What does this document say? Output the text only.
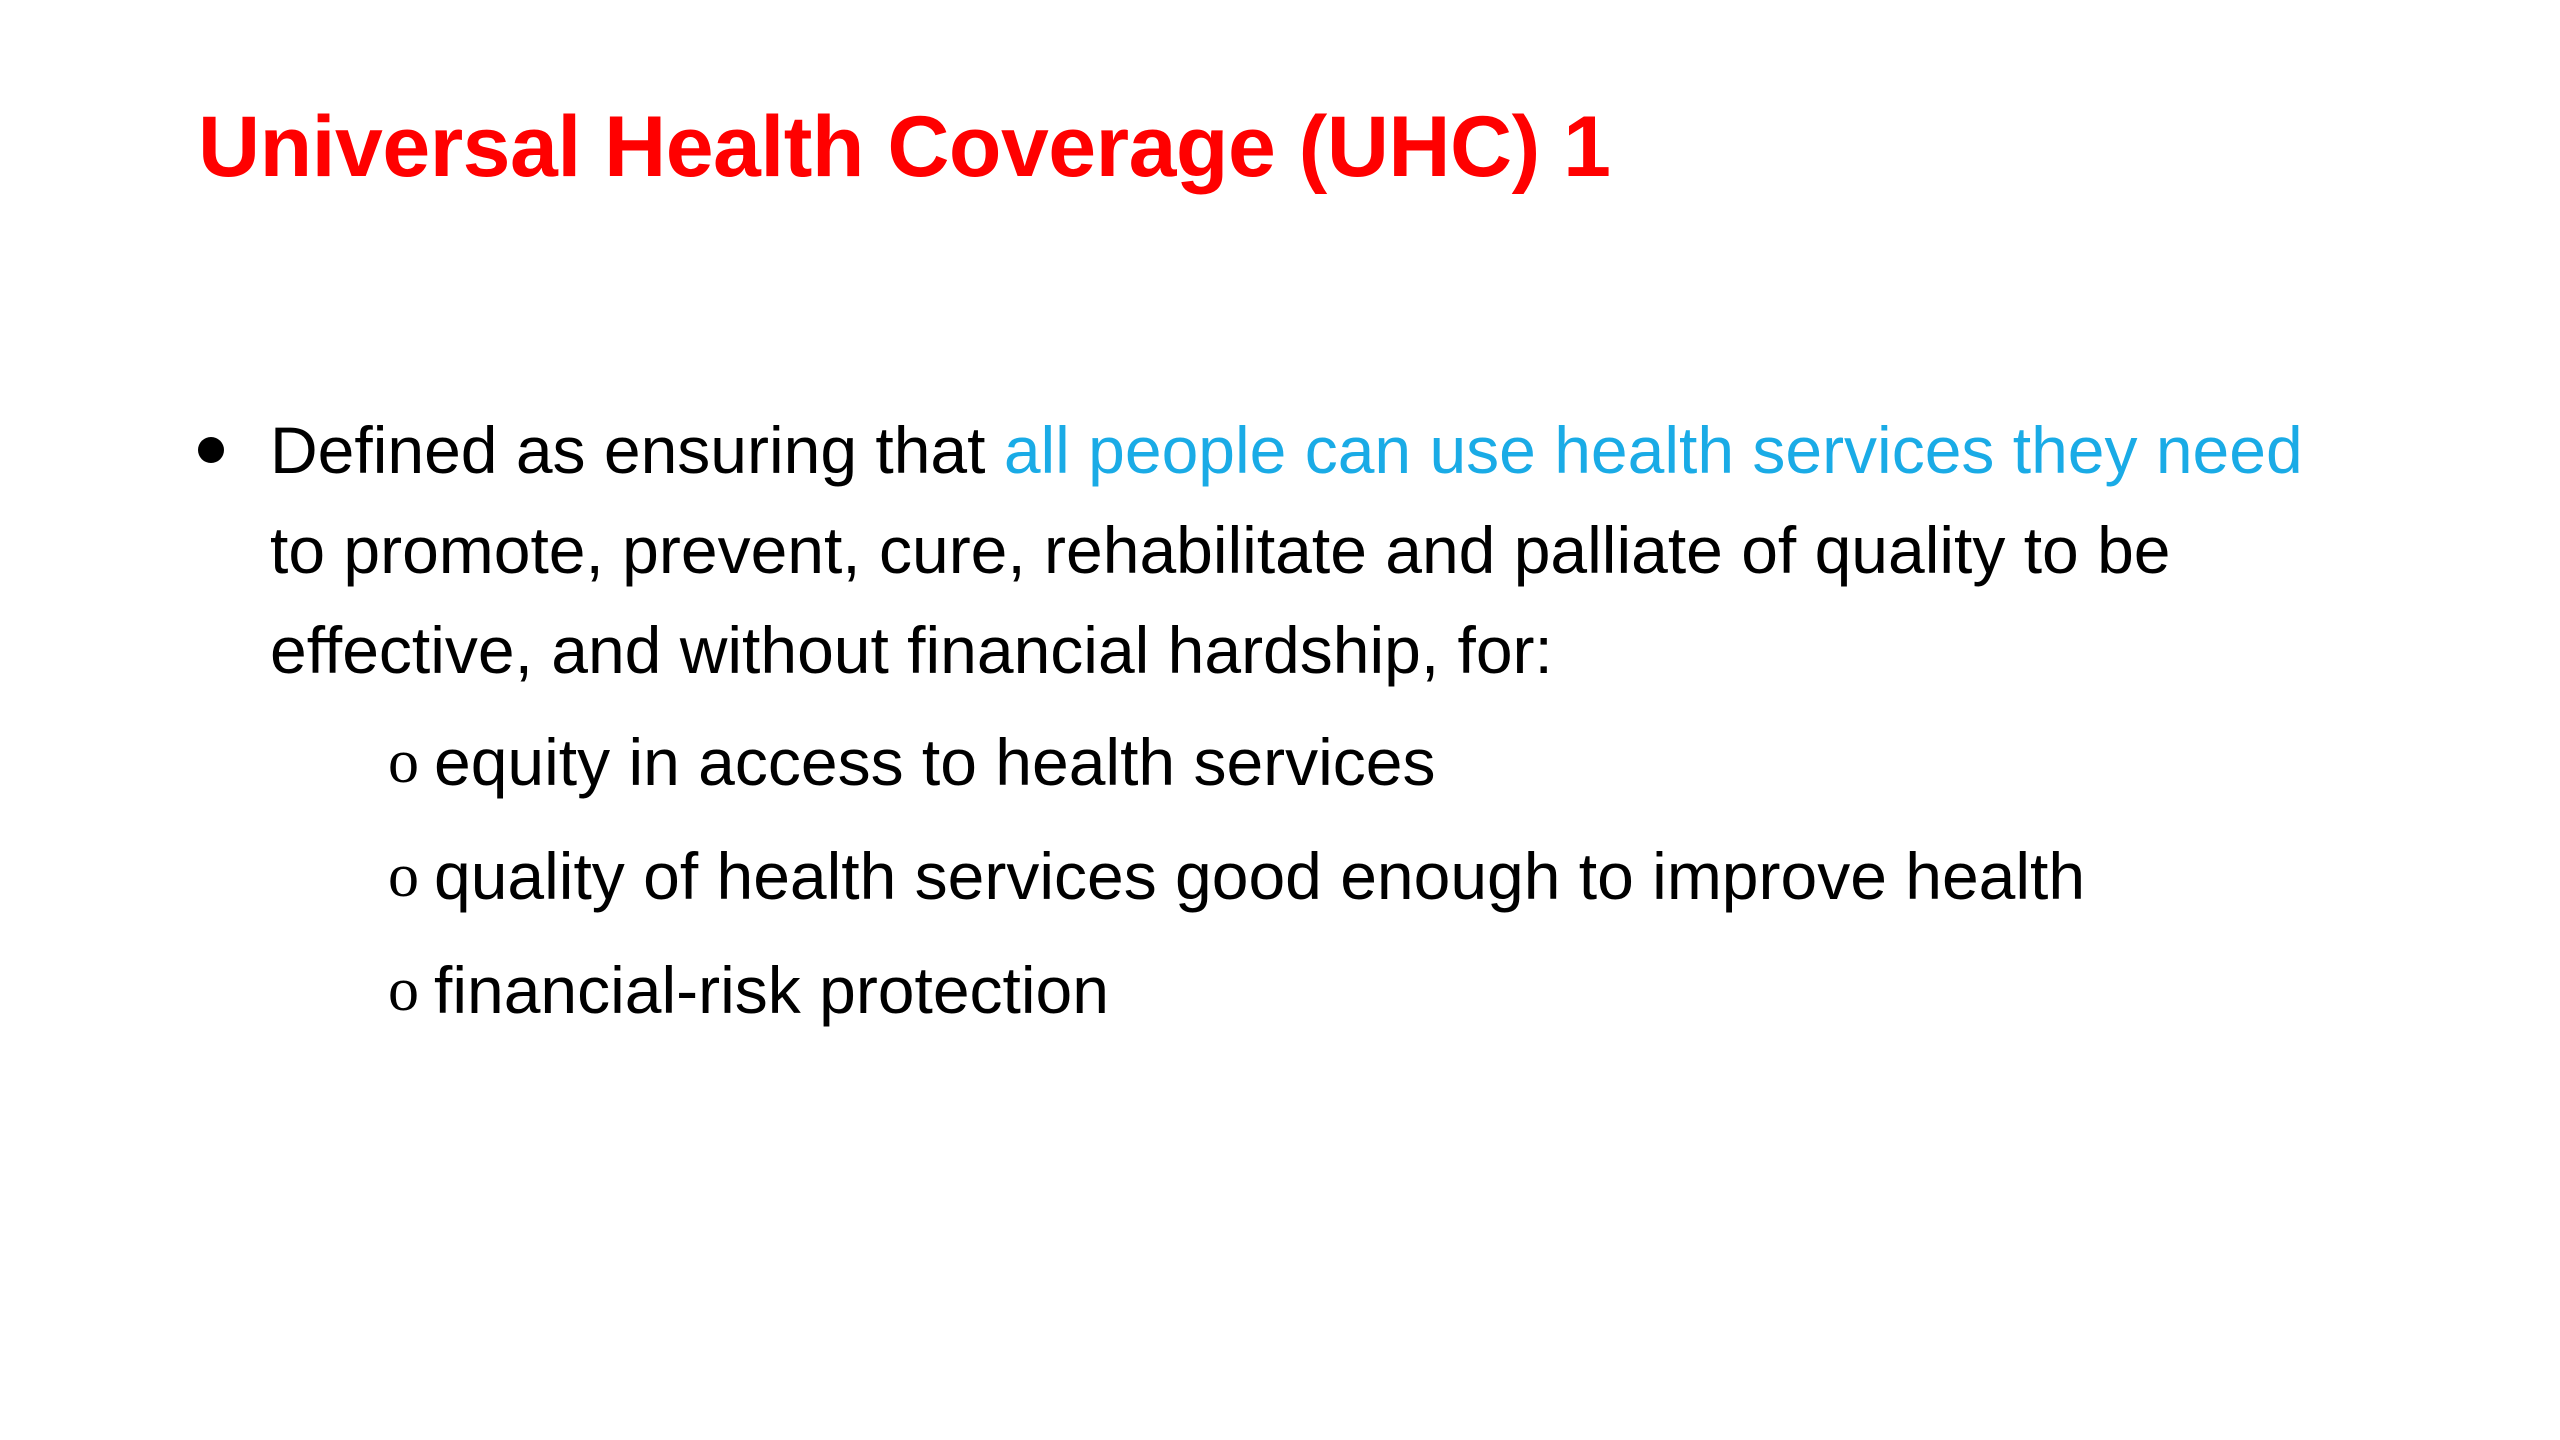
Universal Health Coverage (UHC) 1
Defined as ensuring that all people can use health services they need to promote, prevent, cure, rehabilitate and palliate of quality to be effective, and without financial hardship, for:
o equity in access to health services
o quality of health services good enough to improve health
o financial-risk protection
